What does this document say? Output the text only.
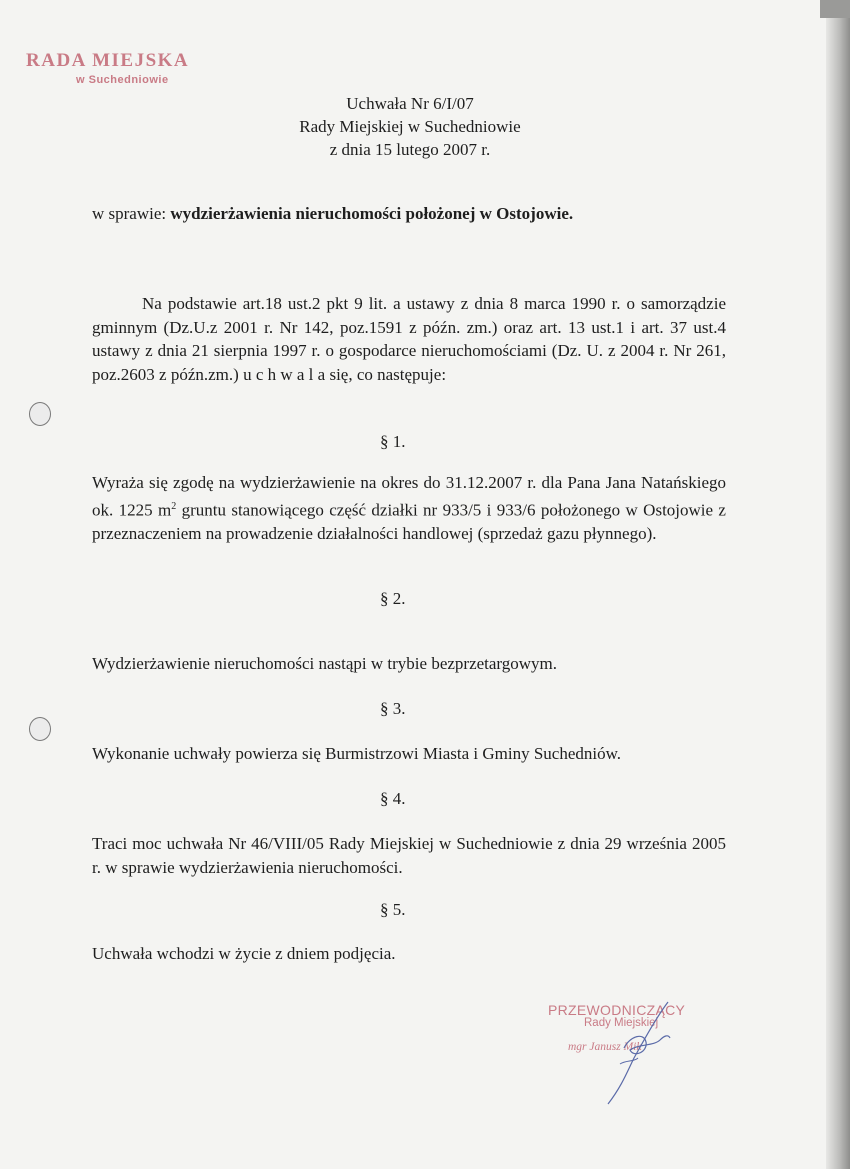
RADA MIEJSKA
w Suchedniowie
Uchwała Nr 6/I/07
Rady Miejskiej w Suchedniowie
z dnia 15 lutego 2007 r.
w sprawie: wydzierżawienia nieruchomości położonej w Ostojowie.
Na podstawie art.18 ust.2 pkt 9 lit. a ustawy z dnia 8 marca 1990 r. o samorządzie gminnym (Dz.U.z 2001 r. Nr 142, poz.1591 z późn. zm.) oraz art. 13 ust.1 i art. 37 ust.4 ustawy z dnia 21 sierpnia 1997 r. o gospodarce nieruchomościami (Dz. U. z 2004 r. Nr 261, poz.2603 z późn.zm.) u c h w a l a się, co następuje:
§ 1.
Wyraża się zgodę na wydzierżawienie na okres do 31.12.2007 r. dla Pana Jana Natańskiego ok. 1225 $m^2$ gruntu stanowiącego część działki nr 933/5 i 933/6 położonego w Ostojowie z przeznaczeniem na prowadzenie działalności handlowej (sprzedaż gazu płynnego).
§ 2.
Wydzierżawienie nieruchomości nastąpi w trybie bezprzetargowym.
§ 3.
Wykonanie uchwały powierza się Burmistrzowi Miasta i Gminy Suchedniów.
§ 4.
Traci moc uchwała Nr 46/VIII/05 Rady Miejskiej w Suchedniowie z dnia 29 września 2005 r. w sprawie wydzierżawienia nieruchomości.
§ 5.
Uchwała wchodzi w życie z dniem podjęcia.
PRZEWODNICZĄCY
Rady Miejskiej
mgr Janusz Mik
